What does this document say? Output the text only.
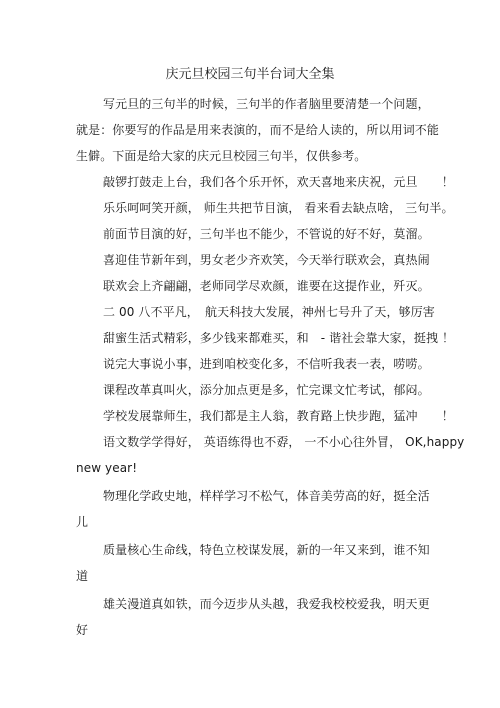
庆元旦校园三句半台词大全集
写元旦的三句半的时候，三句半的作者脑里要清楚一个问题，
就是：你要写的作品是用来表演的，而不是给人读的，所以用词不能
生僻。下面是给大家的庆元旦校园三句半，仅供参考。
敲锣打鼓走上台，我们各个乐开怀，欢天喜地来庆祝，元旦　　！
乐乐呵呵笑开颜， 师生共把节目演， 看来看去缺点啥， 三句半。
前面节目演的好，三句半也不能少，不管说的好不好，莫溜。
喜迎佳节新年到，男女老少齐欢笑，今天举行联欢会，真热闹
联欢会上齐翩翩，老师同学尽欢颜，谁要在这提作业，歼灭。
二 00 八不平凡，　航天科技大发展，神州七号升了天，够厉害
甜蜜生活式精彩，多少钱来都难买，和　- 谐社会靠大家，挺拽 ！
说完大事说小事，进到咱校变化多，不信听我表一表，唠唠。
课程改革真叫火，添分加点更是多，忙完课文忙考试，郁闷。
学校发展靠师生，我们都是主人翁，教育路上快步跑，猛冲　　！
语文数学学得好， 英语练得也不孬， 一不小心往外冒， OK,happy
new year!
物理化学政史地，样样学习不松气，体音美劳高的好，挺全活
儿
质量核心生命线，特色立校谋发展，新的一年又来到，谁不知
道
雄关漫道真如铁，而今迈步从头越，我爱我校校爱我，明天更
好
